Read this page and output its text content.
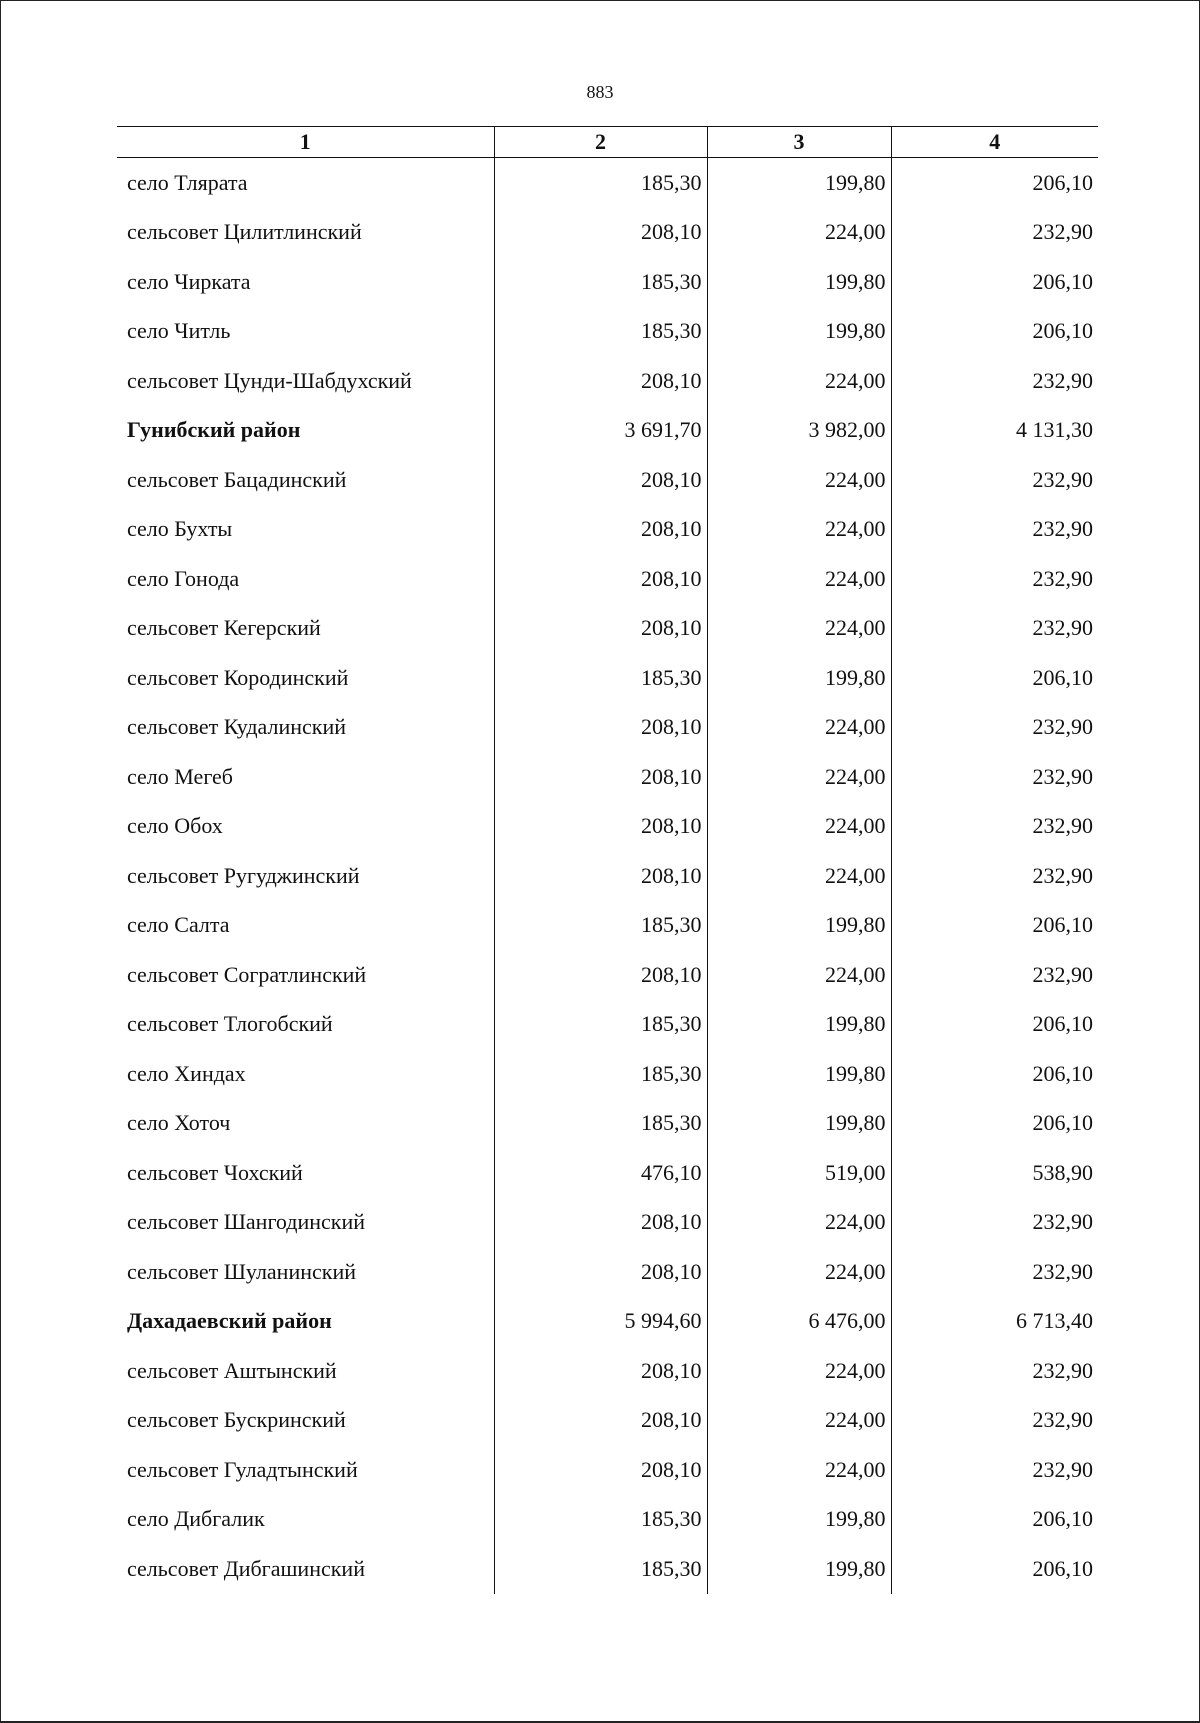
883
1	2	3	4
село Тлярата	185,30	199,80	206,10
сельсовет Цилитлинский	208,10	224,00	232,90
село Чирката	185,30	199,80	206,10
село Читль	185,30	199,80	206,10
сельсовет Цунди-Шабдухский	208,10	224,00	232,90
Гунибский район	3 691,70	3 982,00	4 131,30
сельсовет Бацадинский	208,10	224,00	232,90
село Бухты	208,10	224,00	232,90
село Гонода	208,10	224,00	232,90
сельсовет Кегерский	208,10	224,00	232,90
сельсовет Кородинский	185,30	199,80	206,10
сельсовет Кудалинский	208,10	224,00	232,90
село Мегеб	208,10	224,00	232,90
село Обох	208,10	224,00	232,90
сельсовет Ругуджинский	208,10	224,00	232,90
село Салта	185,30	199,80	206,10
сельсовет Согратлинский	208,10	224,00	232,90
сельсовет Тлогобский	185,30	199,80	206,10
село Хиндах	185,30	199,80	206,10
село Хоточ	185,30	199,80	206,10
сельсовет Чохский	476,10	519,00	538,90
сельсовет Шангодинский	208,10	224,00	232,90
сельсовет Шуланинский	208,10	224,00	232,90
Дахадаевский район	5 994,60	6 476,00	6 713,40
сельсовет Аштынский	208,10	224,00	232,90
сельсовет Бускринский	208,10	224,00	232,90
сельсовет Гуладтынский	208,10	224,00	232,90
село Дибгалик	185,30	199,80	206,10
сельсовет Дибгашинский	185,30	199,80	206,10
